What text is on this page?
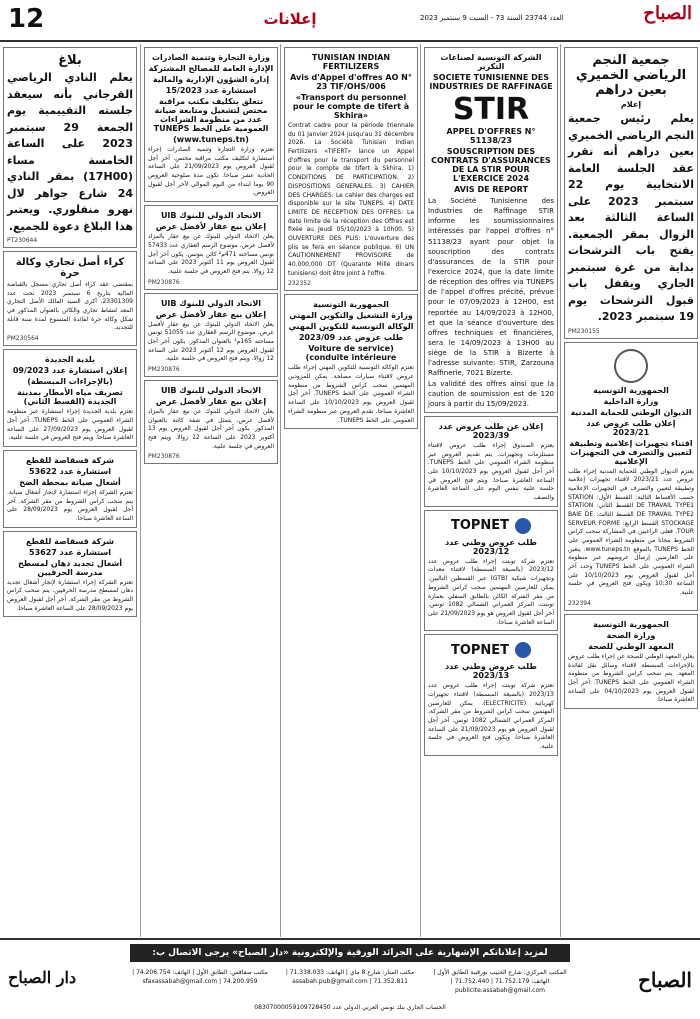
12	إعلانات	العدد 23744 السنة 73 - السبت 9 سبتمبر 2023	الصباح
جمعية النجم الرياضي الخميري بعين دراهم
إعلام
يعلم رئيس جمعية النجم الرياضي الخميري بعين دراهم أنه تقرر عقد الجلسة العامة الانتخابية يوم 22 سبتمبر 2023 على الساعة الثالثة بعد الزوال بمقر الجمعية. يفتح باب الترشحات بداية من غرة سبتمبر الجاري ويقفل باب قبول الترشحات يوم 19 سبتمبر 2023.
PM230155
الجمهورية التونسية
وزارة الداخلية
الديوان الوطني للحماية المدنية
إعلان طلب عروض عدد 2023/21
اقتناء تجهيزات إعلامية وتطبيقة لتعيين والتصرف في التجهيزات الإعلامية
يعتزم الديوان الوطني للحماية المدنية إجراء طلب عروض عدد 2023/21 لاقتناء تجهيزات إعلامية وتطبيقة لتعيين والتصرف في التجهيزات الإعلامية حسب الأقساط التالية: القسط الأول: STATION DE TRAVAIL TYPE1 القسط الثاني: STATION DE TRAVAIL TYPE2 القسط الثالث: BAIE DE STOCKAGE القسط الرابع: SERVEUR FORME TOUR. فعلى الراغبين في المشاركة سحب كراس الشروط مجانا من منظومة الشراء العمومي على الخط TUNEPS بالموقع www.tuneps.tn. يتعين على العارضين إرسال عروضهم عبر منظومة الشراء العمومي على الخط TUNEPS وحدد آخر أجل لقبول العروض يوم 10/10/2023 على الساعة 10:30 ويكون فتح العروض في جلسة علنية.
232394
الجمهورية التونسية
وزارة الصحة
المعهد الوطني للصحة
يعلن المعهد الوطني للصحة عن إجراء طلب عروض بالإجراءات المبسطة لاقتناء وسائل نقل لفائدة المعهد. يتم سحب كراس الشروط من منظومة الشراء العمومي على الخط TUNEPS. آخر أجل لقبول العروض يوم 04/10/2023 على الساعة العاشرة صباحا.
الشركة التونسية لصناعات التكرير
SOCIETE TUNISIENNE DES INDUSTRIES DE RAFFINAGE
STIR
APPEL D'OFFRES N° 51138/23
SOUSCRIPTION DES CONTRATS D'ASSURANCES DE LA STIR POUR L'EXERCICE 2024
AVIS DE REPORT
La Société Tunisienne des Industries de Raffinage STIR informe les soumissionnaires intéressés par l'appel d'offres n° 51138/23 ayant pour objet la souscription des contrats d'assurances de la STIR pour l'exercice 2024, que la date limite de réception des offres via TUNEPS de l'appel d'offres précité, prévue pour le 07/09/2023 à 12H00, est reportée au 14/09/2023 à 12H00, et que la séance d'ouverture des offres techniques et financières, sera le 14/09/2023 à 13H00 au siège de la STIR à Bizerte à l'adresse suivante: STIR, Zarzouna Raffinerie, 7021 Bizerte.
La validité des offres ainsi que la caution de soumission est de 120 jours à partir du 15/09/2023.
إعلان عن طلب عروض عدد 2023/39
يعتزم الصندوق إجراء طلب عروض لاقتناء مستلزمات وتجهيزات. يتم تقديم العروض عبر منظومة الشراء العمومي على الخط TUNEPS. آخر أجل لقبول العروض يوم 10/10/2023 على الساعة العاشرة صباحا. ويتم فتح العروض في جلسة علنية بنفس اليوم على الساعة العاشرة والنصف.
TOPNET
طلب عروض وطني عدد 2023/12
تعتزم شركة توبنت إجراء طلب عروض عدد 2023/12 (بالصيغة المبسطة) لاقتناء معدات وتجهيزات شبكية (GTB) عبر القسطين التاليين. يمكن للعارضين المهتمين سحب كراس الشروط من مقر الشركة الكائن بالطابق السفلي بعمارة توبنت، المركز العمراني الشمالي 1082 تونس. آخر أجل لقبول العروض هو يوم 21/09/2023 على الساعة العاشرة صباحا.
TOPNET
طلب عروض وطني عدد 2023/13
تعتزم شركة توبنت إجراء طلب عروض عدد 2023/13 (بالصيغة المبسطة) لاقتناء تجهيزات كهربائية (ELECTRICITE). يمكن للعارضين المهتمين سحب كراس الشروط من مقر الشركة، المركز العمراني الشمالي 1082 تونس. آخر أجل لقبول العروض هو يوم 21/09/2023 على الساعة العاشرة صباحا، ويكون فتح العروض في جلسة علنية.
TUNISIAN INDIAN FERTILIZERS
Avis d'Appel d'offres AO N° 23 TIF/OHS/006
«Transport du personnel pour le compte de tifert à Skhira»
Contrat cadre pour la période triennale du 01 Janvier 2024 jusqu'au 31 décembre 2026. La Société Tunisian Indian Fertilizers «TIFERT» lance un Appel d'offres pour le transport du personnel pour le compte de tifert à Skhira. 1) CONDITIONS DE PARTICIPATION. 2) DISPOSITIONS GENERALES. 3) CAHIER DES CHARGES: Le cahier des charges est disponible sur le site TUNEPS. 4) DATE LIMITE DE RECEPTION DES OFFRES: La date limite de la réception des Offres est fixée au Jeudi 05/10/2023 à 10h00. 5) OUVERTURE DES PLIS: L'ouverture des plis se fera en séance publique. 6) UN CAUTIONNEMENT PROVISOIRE de 40.000,000 DT (Quarante Mille dinars tunisiens) doit être joint à l'offre.
232352
الجمهورية التونسية
وزارة التشغيل والتكوين المهني
الوكالة التونسية للتكوين المهني
طلب عروض عدد 2023/09
(Voiture de service conduite intérieure)
تعتزم الوكالة التونسية للتكوين المهني إجراء طلب عروض لاقتناء سيارات مصلحة. يمكن للمزودين المهتمين سحب كراس الشروط من منظومة الشراء العمومي على الخط TUNEPS. آخر أجل لقبول العروض يوم 10/10/2023 على الساعة العاشرة صباحا. تقدم العروض عبر منظومة الشراء العمومي على الخط TUNEPS.
وزارة التجارة وتنمية الصادرات
الإدارة العامة للمصالح المشتركة
إدارة الشؤون الإدارية والمالية
استشارة عدد 15/2023
تتعلق بتكليف مكتب مراقبة مختص لتشغيل ومتابعة صيانة عدد من منظومة الشراءات العمومية على الخط TUNEPS
(www.tuneps.tn)
تعتزم وزارة التجارة وتنمية الصادرات إجراء استشارة لتكليف مكتب مراقبة مختص. آخر أجل لقبول العروض يوم 21/09/2023 على الساعة الحادية عشر صباحا. تكون مدة صلوحية العروض 90 يوما ابتداء من اليوم الموالي لآخر أجل لقبول العروض.
الاتحاد الدولي للبنوك UIB
إعلان بيع عقار لأفضل عرض
يعلن الاتحاد الدولي للبنوك عن بيع عقار بالمزاد لأفضل عرض، موضوع الرسم العقاري عدد 57433 تونس مساحته 471م² كائن بتونس. يكون آخر أجل لقبول العروض يوم 11 أكتوبر 2023 على الساعة 12 زوالا. يتم فتح العروض في جلسة علنية.
PM230876
الاتحاد الدولي للبنوك UIB
إعلان بيع عقار لأفضل عرض
يعلن الاتحاد الدولي للبنوك عن بيع عقار لأفضل عرض، موضوع الرسم العقاري عدد 51055 تونس مساحته 165م² بالعنوان المذكور. يكون آخر أجل لقبول العروض يوم 12 أكتوبر 2023 على الساعة 12 زوالا. ويتم فتح العروض في جلسة علنية.
PM230876
الاتحاد الدولي للبنوك UIB
إعلان بيع عقار لأفضل عرض
يعلن الاتحاد الدولي للبنوك عن بيع عقار بالمزاد لأفضل عرض، يتمثل في شقة كائنة بالعنوان المذكور. يكون آخر أجل لقبول العروض يوم 13 أكتوبر 2023 على الساعة 12 زوالا. ويتم فتح العروض في جلسة علنية.
PM230876
بلاغ
يعلم النادي الرياضي القرجاني بأنه سيعقد جلسته التقييمية يوم الجمعة 29 سبتمبر 2023 على الساعة الخامسة مساء (17H00) بمقر النادي 24 شارع جواهر لال نهرو منفلوري. ويعتبر هذا البلاغ دعوة للجميع.
PT230644
كراء أصل تجاري وكالة حرة
بمقتضى عقد كراء أصل تجاري مسجل بالقباضة المالية بتاريخ 6 سبتمبر 2023 تحت عدد 23301309، أكرى السيد المالك الأصل التجاري المعد لنشاط تجاري والكائن بالعنوان المذكور في شكل وكالة حرة لفائدة المتسوغ لمدة سنة قابلة للتجديد.
PM230564
بلدية الجديدة
إعلان استشارة عدد 09/2023
(بالإجراءات المبسطة)
تصريف مياه الأمطار بمدينة الجديدة (القسط الثاني)
تعتزم بلدية الجديدة إجراء استشارة عبر منظومة الشراء العمومي على الخط TUNEPS. آخر أجل لقبول العروض يوم 27/09/2023 على الساعة العاشرة صباحا. ويتم فتح العروض في جلسة علنية.
شركة قسقاصة للقطع
استشارة عدد 53622
أشغال صيانة بمحطة الضخ
تعتزم الشركة إجراء استشارة لإنجاز أشغال صيانة. يتم سحب كراس الشروط من مقر الشركة. آخر أجل لقبول العروض يوم 28/09/2023 على الساعة العاشرة صباحا.
شركة قسقاصة للقطع
استشارة عدد 53627
أشغال تجديد دهان لمسطح مدرسة الحرفيين
تعتزم الشركة إجراء استشارة لإنجاز أشغال تجديد دهان لمسطح مدرسة الحرفيين. يتم سحب كراس الشروط من مقر الشركة. آخر أجل لقبول العروض يوم 28/09/2023 على الساعة العاشرة صباحا.
لمزيد إعلاناتكم الإشهارية على الجرائد الورقية والإلكترونية «دار الصباح» يرجى الاتصال ب:
الصباح
المكتب المركزي: شارع الحبيب بورقيبة الطابق الأول | الهاتف: 71.752.179 | 71.752.440 | publicite.assabah@gmail.com
مكتب المنار: شارع 8 ماي | الهاتف: 71.338.033 | 71.352.811 | assabah.pub@gmail.com
مكتب صفاقس: الطابق الأول | الهاتف: 74.206.754 | 74.200.959 | sfaxassabah@gmail.com
دار الصباح
الحساب الجاري بنك تونس العربي الدولي عدد 08307000059109728450
